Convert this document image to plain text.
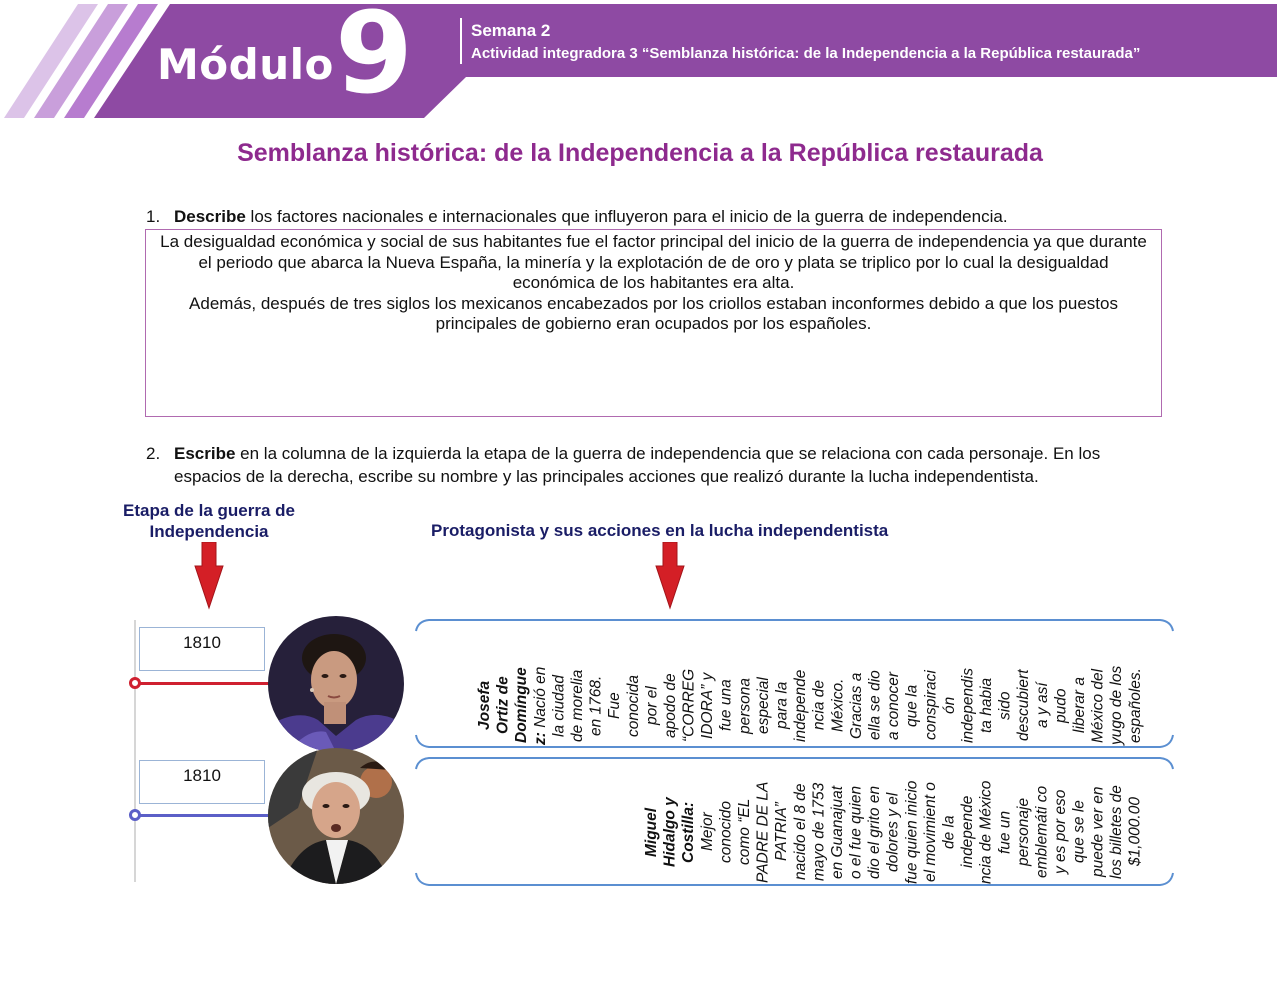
Módulo 9	Semana 2
Actividad integradora 3 “Semblanza histórica: de la Independencia a la República restaurada”
Semblanza histórica: de la Independencia a la República restaurada
1. Describe los factores nacionales e internacionales que influyeron para el inicio de la guerra de independencia.

La desigualdad económica y social de sus habitantes fue el factor principal del inicio de la guerra de independencia ya que durante el periodo que abarca la Nueva España, la minería y la explotación de de oro y plata se triplico por lo cual la desigualdad económica de los habitantes era alta.

Además, después de tres siglos los mexicanos encabezados por los criollos estaban inconformes debido a que los puestos principales de gobierno eran ocupados por los españoles.

2. Escribe en la columna de la izquierda la etapa de la guerra de independencia que se relaciona con cada personaje. En los espacios de la derecha, escribe su nombre y las principales acciones que realizó durante la lucha independentista.
Etapa de la guerra de Independencia	Protagonista y sus acciones en la lucha independentista
1810
Josefa Ortiz de Domíngue z: Nació en la ciudad de morelia en 1768. Fue conocida por el apodo de “CORREG IDORA” y fue una persona especial para la independe ncia de México. Gracias a ella se dio a conocer que la conspiraci ón independis ta habia sido descubiert a y así pudo liberar a México del yugo de los españoles.
1810
Miguel Hidalgo y Costilla: Mejor conocido como “EL PADRE DE LA PATRIA” nacido el 8 de mayo de 1753 en Guanajuat o el fue quien dio el grito en dolores y el fue quien inicio el movimient o de la independe ncia de México fue un personaje emblemáti co y es por eso que se le puede ver en los billetes de $1,000.00
